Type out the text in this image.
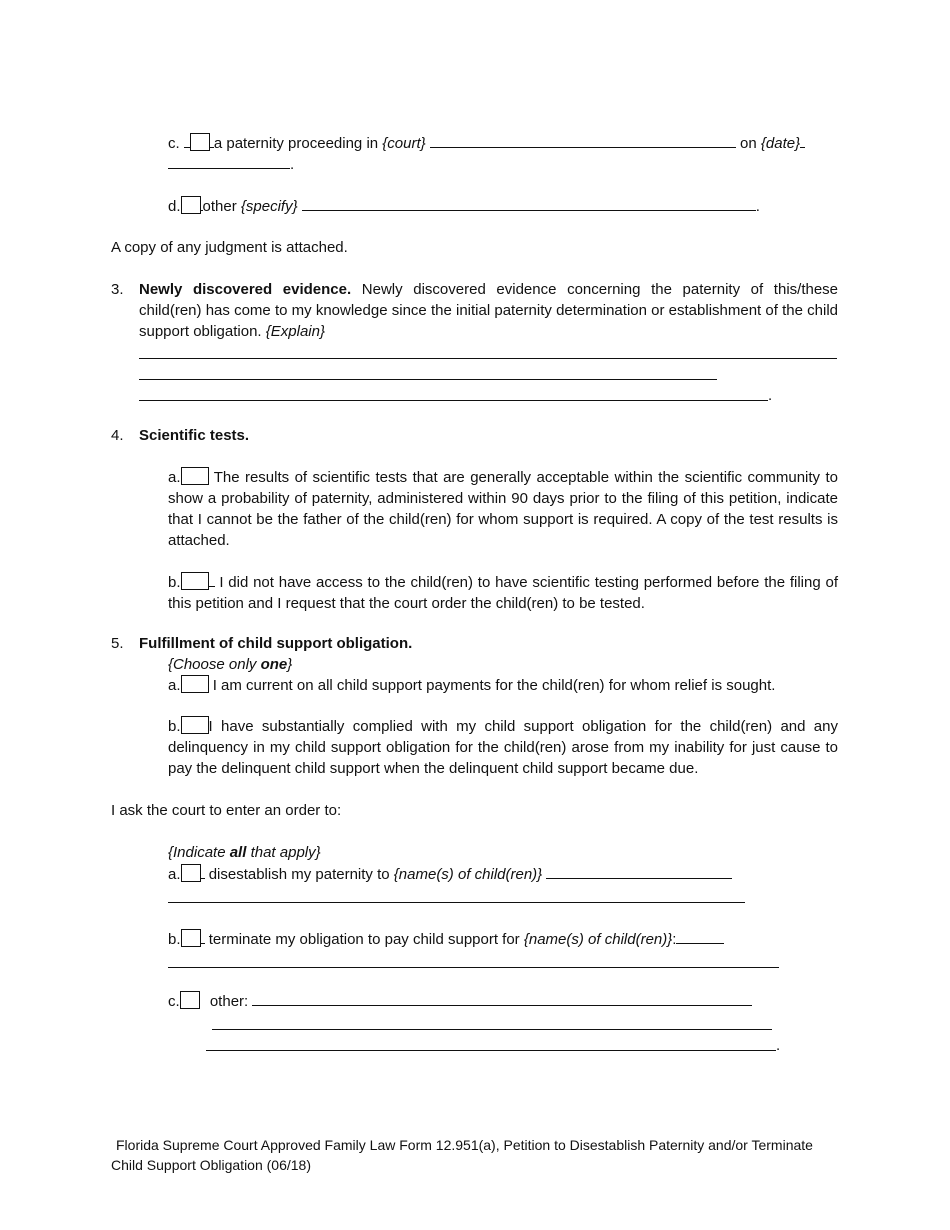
c. a paternity proceeding in {court}	on {date}
.
d. other {specify}	.
A copy of any judgment is attached.
3. Newly discovered evidence. Newly discovered evidence concerning the paternity of this/these child(ren) has come to my knowledge since the initial paternity determination or establishment of the child support obligation. {Explain}
.
4. Scientific tests.
a. The results of scientific tests that are generally acceptable within the scientific community to show a probability of paternity, administered within 90 days prior to the filing of this petition, indicate that I cannot be the father of the child(ren) for whom support is required. A copy of the test results is attached.
b.	I did not have access to the child(ren) to have scientific testing performed before the filing of this petition and I request that the court order the child(ren) to be tested.
5. Fulfillment of child support obligation.
{Choose only one}
a. I am current on all child support payments for the child(ren) for whom relief is sought.
b. I have substantially complied with my child support obligation for the child(ren) and any delinquency in my child support obligation for the child(ren) arose from my inability for just cause to pay the delinquent child support when the delinquent child support became due.
I ask the court to enter an order to:
{Indicate all that apply}
a. disestablish my paternity to {name(s) of child(ren)}
b. terminate my obligation to pay child support for {name(s) of child(ren)}:
c. other:
.
Florida Supreme Court Approved Family Law Form 12.951(a), Petition to Disestablish Paternity and/or Terminate
Child Support Obligation (06/18)
